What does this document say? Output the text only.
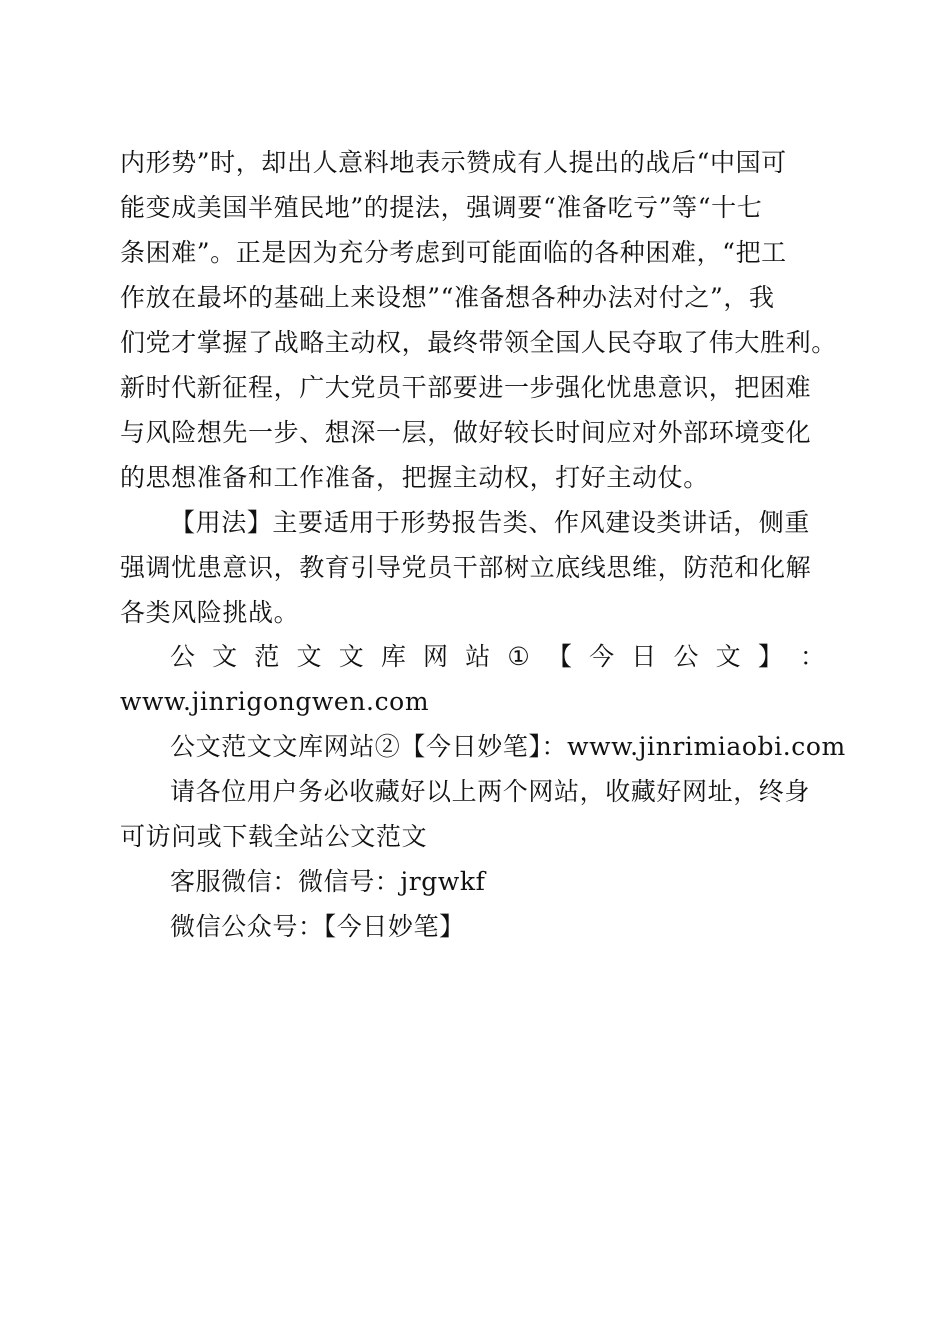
内形势”时，却出人意料地表示赞成有人提出的战后“中国可
能变成美国半殖民地”的提法，强调要“准备吃亏”等“十七
条困难”。正是因为充分考虑到可能面临的各种困难，“把工
作放在最坏的基础上来设想”“准备想各种办法对付之”，我
们党才掌握了战略主动权，最终带领全国人民夺取了伟大胜利。
新时代新征程，广大党员干部要进一步强化忧患意识，把困难
与风险想先一步、想深一层，做好较长时间应对外部环境变化
的思想准备和工作准备，把握主动权，打好主动仗。
【用法】主要适用于形势报告类、作风建设类讲话，侧重
强调忧患意识，教育引导党员干部树立底线思维，防范和化解
各类风险挑战。
公 文 范 文 文 库 网 站 ① 【 今 日 公 文 】 ：
www.jinrigongwen.com
公文范文文库网站②【今日妙笔】：www.jinrimiaobi.com
请各位用户务必收藏好以上两个网站，收藏好网址，终身
可访问或下载全站公文范文
客服微信：微信号：jrgwkf
微信公众号：【今日妙笔】
